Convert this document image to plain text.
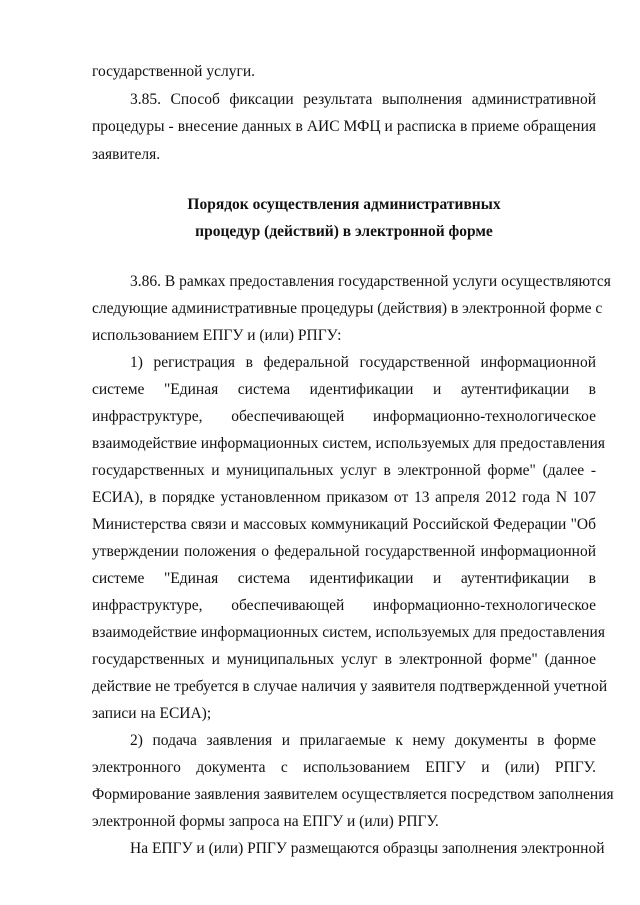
государственной услуги.
3.85. Способ фиксации результата выполнения административной
процедуры - внесение данных в АИС МФЦ и расписка в приеме обращения
заявителя.
Порядок осуществления административных
процедур (действий) в электронной форме
3.86. В рамках предоставления государственной услуги осуществляются
следующие административные процедуры (действия) в электронной форме с
использованием ЕПГУ и (или) РПГУ:
1) регистрация в федеральной государственной информационной
системе "Единая система идентификации и аутентификации в
инфраструктуре, обеспечивающей информационно-технологическое
взаимодействие информационных систем, используемых для предоставления
государственных и муниципальных услуг в электронной форме" (далее -
ЕСИА), в порядке установленном приказом от 13 апреля 2012 года N 107
Министерства связи и массовых коммуникаций Российской Федерации "Об
утверждении положения о федеральной государственной информационной
системе "Единая система идентификации и аутентификации в
инфраструктуре, обеспечивающей информационно-технологическое
взаимодействие информационных систем, используемых для предоставления
государственных и муниципальных услуг в электронной форме" (данное
действие не требуется в случае наличия у заявителя подтвержденной учетной
записи на ЕСИА);
2) подача заявления и прилагаемые к нему документы в форме
электронного документа с использованием ЕПГУ и (или) РПГУ.
Формирование заявления заявителем осуществляется посредством заполнения
электронной формы запроса на ЕПГУ и (или) РПГУ.
На ЕПГУ и (или) РПГУ размещаются образцы заполнения электронной
